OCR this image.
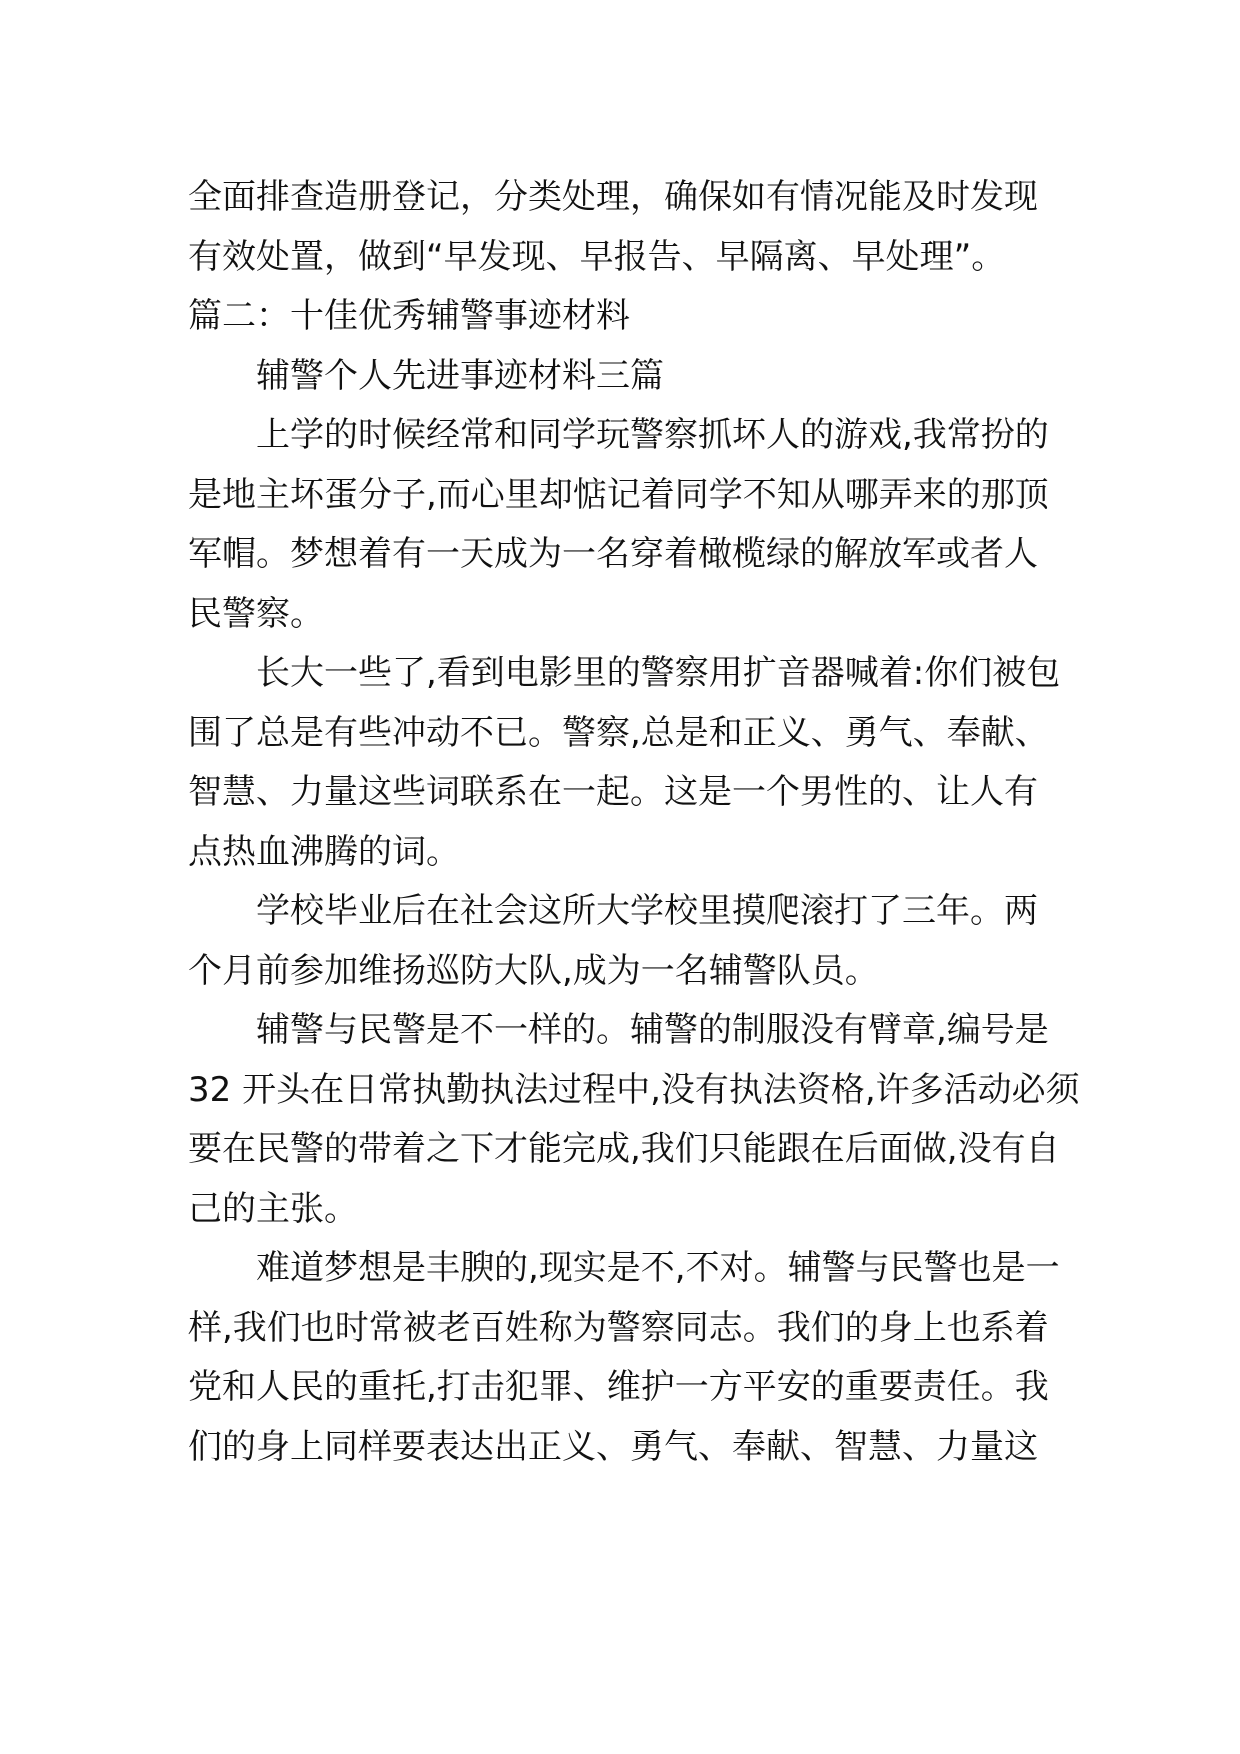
全面排查造册登记，分类处理，确保如有情况能及时发现
有效处置，做到“早发现、早报告、早隔离、早处理”。
篇二：十佳优秀辅警事迹材料
辅警个人先进事迹材料三篇
上学的时候经常和同学玩警察抓坏人的游戏,我常扮的
是地主坏蛋分子,而心里却惦记着同学不知从哪弄来的那顶
军帽。梦想着有一天成为一名穿着橄榄绿的解放军或者人
民警察。
长大一些了,看到电影里的警察用扩音器喊着:你们被包
围了总是有些冲动不已。警察,总是和正义、勇气、奉献、
智慧、力量这些词联系在一起。这是一个男性的、让人有
点热血沸腾的词。
学校毕业后在社会这所大学校里摸爬滚打了三年。两
个月前参加维扬巡防大队,成为一名辅警队员。
辅警与民警是不一样的。辅警的制服没有臂章,编号是
32 开头在日常执勤执法过程中,没有执法资格,许多活动必须
要在民警的带着之下才能完成,我们只能跟在后面做,没有自
己的主张。
难道梦想是丰腴的,现实是不,不对。辅警与民警也是一
样,我们也时常被老百姓称为警察同志。我们的身上也系着
党和人民的重托,打击犯罪、维护一方平安的重要责任。我
们的身上同样要表达出正义、勇气、奉献、智慧、力量这
